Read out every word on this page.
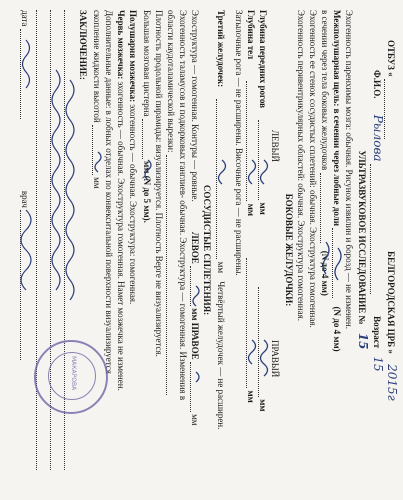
ОТБУЗ «  БЕЛГОРОДСКАЯ ЦРБ » 2015г
Ф.И.О. Рылова  Возраст 15
УЛЬТРАЗВУКОВОЕ ИССЛЕДОВАНИЕ № 15
Эхогенность паренхимы мозга: обычная. Рисунок извилин и борозд — не изменен.
Межполушарная щель: в сечении через лобные доли  (N до 4 мм)
в сечении через тела боковых желудочков  (N до 4 мм)
Эхогенность ее стенок сосудистых сплетений: обычная. Эхоструктура гомогенная.
Эхогенность перивентрикулярных областей: обычная. Эхоструктура гомогенная.
БОКОВЫЕ ЖЕЛУДОЧКИ:
ЛЕВЫЙ
ПРАВЫЙ
Глубина передних рогов  мм  мм
Глубина тел  мм  мм
Затылочные рога — не расширены. Височные рога — не расширены.
Третий желудочек:  мм Четвёртый желудочек — не расширен.
СОСУДИСТЫЕ СПЛЕТЕНИЯ:
Эхоструктура — гомогенная. Контуры — ровные. ЛЕВОЕ  мм ПРАВОЕ  мм
Эхогенность таламусов и подкорковых ганглиев- обычная. Эхоструктура — гомогенная. Изменения в
области каудоталамической вырезки:
Плотность продольной пирамиды: визуализируется. Плотность Верге не визуализируется.
Большая мозговая цистерна  мм (N до 5 мм).
Полушария мозжечка: эхогенность — обычная. Эхоструктура: гомогенная.
Червь мозжечка: эхогенность — обычная. Эхоструктура гомогенная. Намет мозжечка не изменен.
Дополнительные данные: в лобных отделах по конвекситальной поверхности визуализируется
скопление жидкости высотой  мм
ЗАКЛЮЧЕНИЕ:
дата  врач
МАКАРОВА
